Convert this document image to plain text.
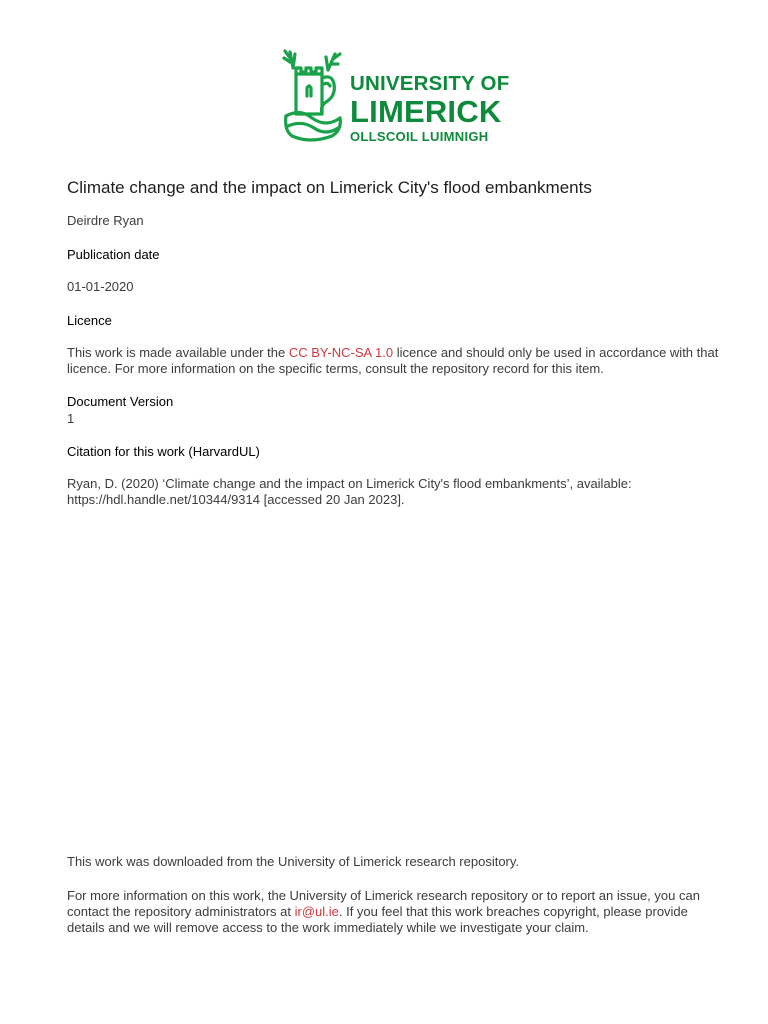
UNIVERSITY OF
LIMERICK
OLLSCOIL LUIMNIGH
Climate change and the impact on Limerick City's flood embankments
Deirdre Ryan
Publication date
01-01-2020
Licence
This work is made available under the CC BY-NC-SA 1.0 licence and should only be used in accordance with that licence. For more information on the specific terms, consult the repository record for this item.
Document Version
1
Citation for this work (HarvardUL)
Ryan, D. (2020) ‘Climate change and the impact on Limerick City's flood embankments’, available: https://hdl.handle.net/10344/9314 [accessed 20 Jan 2023].
This work was downloaded from the University of Limerick research repository.
For more information on this work, the University of Limerick research repository or to report an issue, you can contact the repository administrators at ir@ul.ie. If you feel that this work breaches copyright, please provide details and we will remove access to the work immediately while we investigate your claim.
